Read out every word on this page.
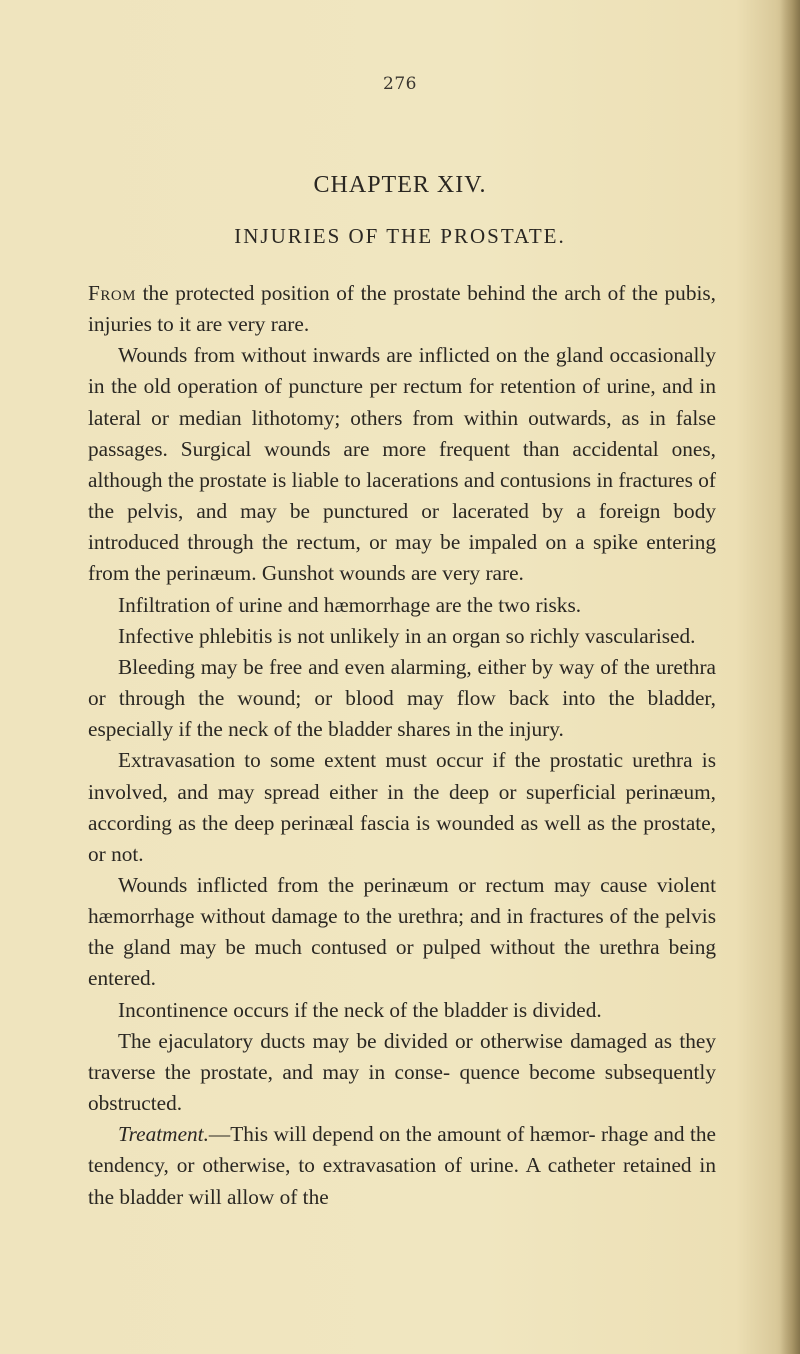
276
CHAPTER XIV.
INJURIES OF THE PROSTATE.

From the protected position of the prostate behind the arch of the pubis, injuries to it are very rare.

Wounds from without inwards are inflicted on the gland occasionally in the old operation of puncture per rectum for retention of urine, and in lateral or median lithotomy; others from within outwards, as in false passages. Surgical wounds are more frequent than accidental ones, although the prostate is liable to lacerations and contusions in fractures of the pelvis, and may be punctured or lacerated by a foreign body introduced through the rectum, or may be impaled on a spike entering from the perinæum. Gunshot wounds are very rare.

Infiltration of urine and hæmorrhage are the two risks.

Infective phlebitis is not unlikely in an organ so richly vascularised.

Bleeding may be free and even alarming, either by way of the urethra or through the wound; or blood may flow back into the bladder, especially if the neck of the bladder shares in the injury.

Extravasation to some extent must occur if the prostatic urethra is involved, and may spread either in the deep or superficial perinæum, according as the deep perinæal fascia is wounded as well as the prostate, or not.

Wounds inflicted from the perinæum or rectum may cause violent hæmorrhage without damage to the urethra; and in fractures of the pelvis the gland may be much contused or pulped without the urethra being entered.

Incontinence occurs if the neck of the bladder is divided.

The ejaculatory ducts may be divided or otherwise damaged as they traverse the prostate, and may in conse- quence become subsequently obstructed.

Treatment.—This will depend on the amount of hæmor- rhage and the tendency, or otherwise, to extravasation of urine. A catheter retained in the bladder will allow of the
